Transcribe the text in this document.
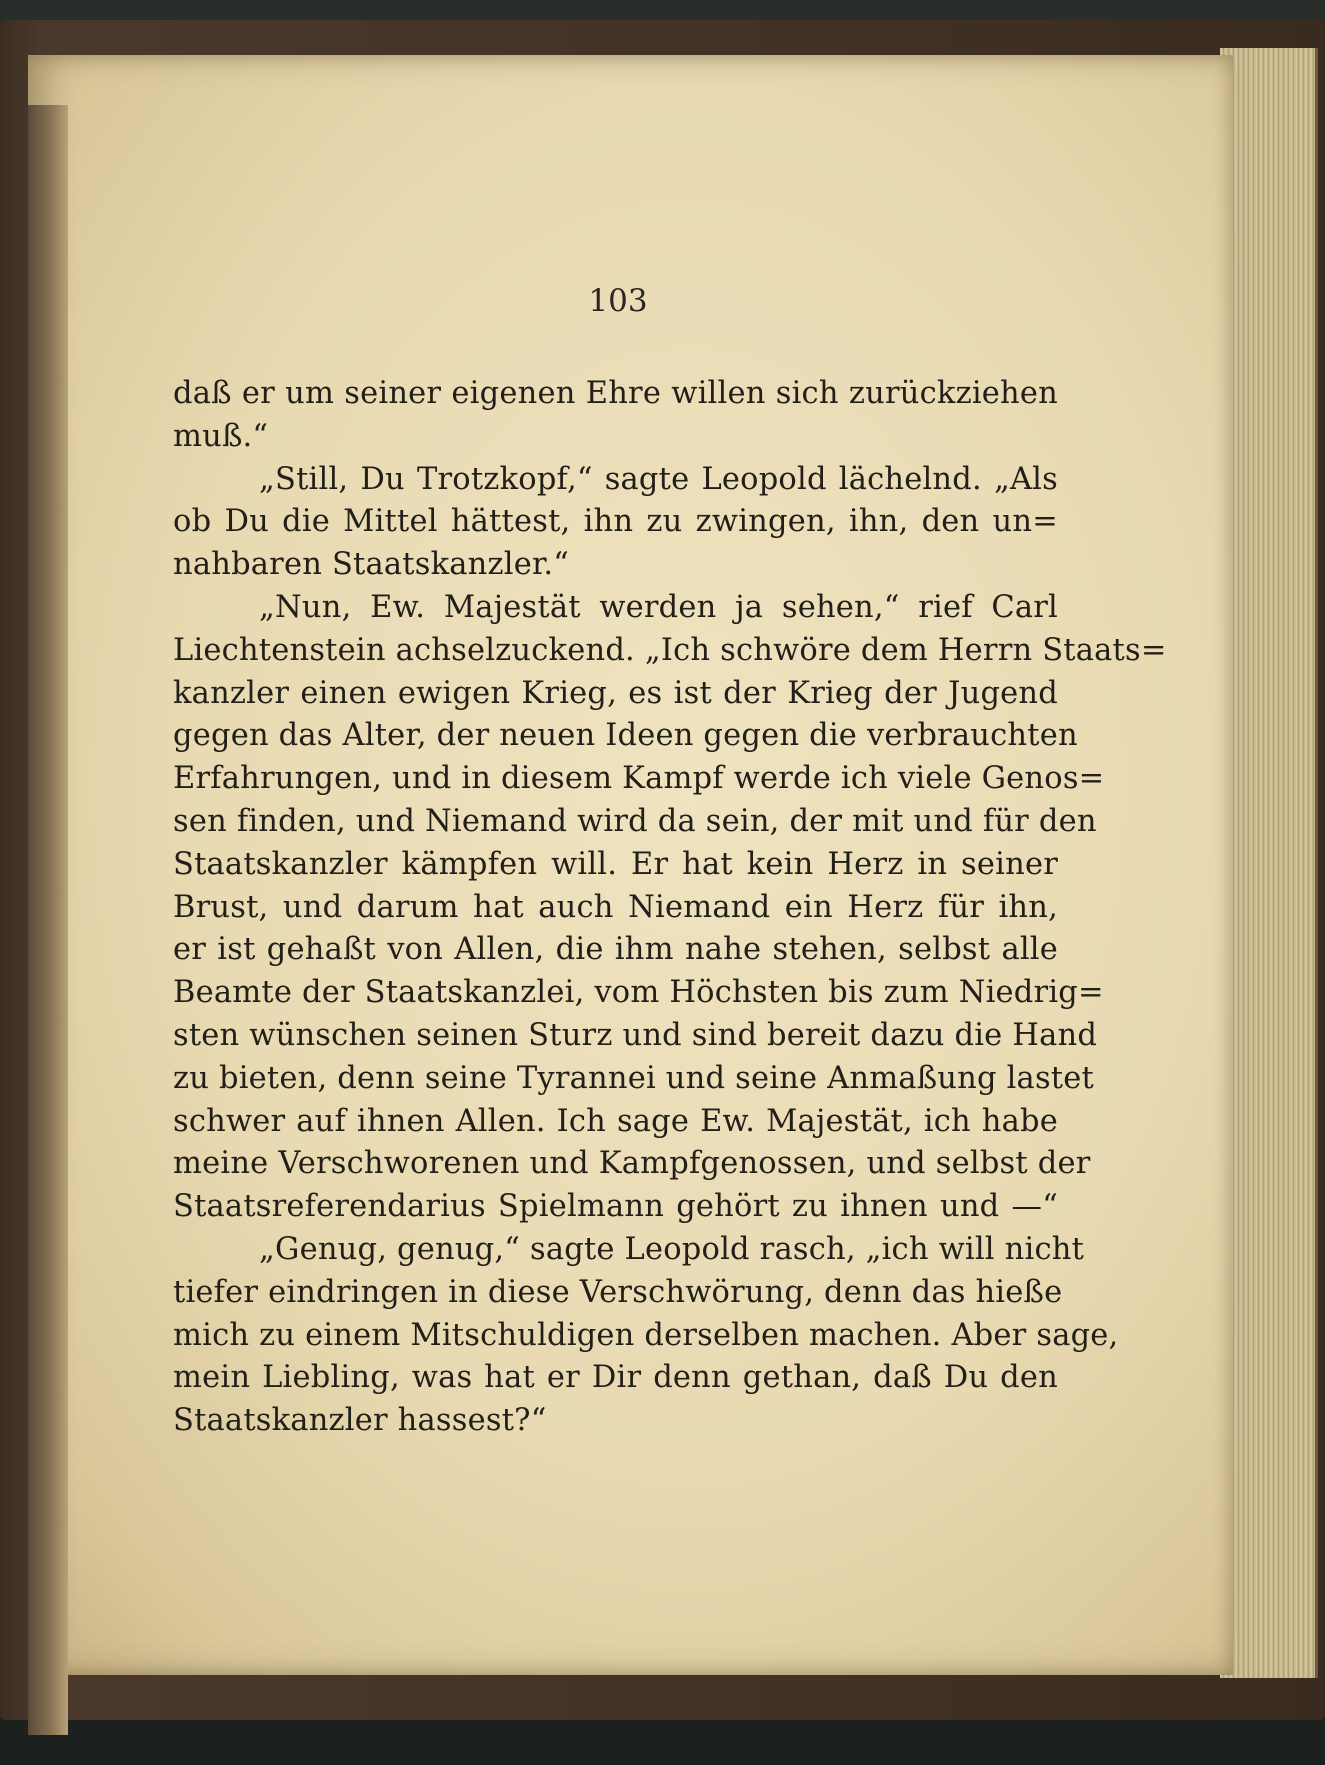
103
daß er um seiner eigenen Ehre willen sich zurückziehen
muß.“
„Still, Du Trotzkopf,“ sagte Leopold lächelnd. „Als
ob Du die Mittel hättest, ihn zu zwingen, ihn, den un=
nahbaren Staatskanzler.“
„Nun, Ew. Majestät werden ja sehen,“ rief Carl
Liechtenstein achselzuckend. „Ich schwöre dem Herrn Staats=
kanzler einen ewigen Krieg, es ist der Krieg der Jugend
gegen das Alter, der neuen Ideen gegen die verbrauchten
Erfahrungen, und in diesem Kampf werde ich viele Genos=
sen finden, und Niemand wird da sein, der mit und für den
Staatskanzler kämpfen will. Er hat kein Herz in seiner
Brust, und darum hat auch Niemand ein Herz für ihn,
er ist gehaßt von Allen, die ihm nahe stehen, selbst alle
Beamte der Staatskanzlei, vom Höchsten bis zum Niedrig=
sten wünschen seinen Sturz und sind bereit dazu die Hand
zu bieten, denn seine Tyrannei und seine Anmaßung lastet
schwer auf ihnen Allen. Ich sage Ew. Majestät, ich habe
meine Verschworenen und Kampfgenossen, und selbst der
Staatsreferendarius Spielmann gehört zu ihnen und —“
„Genug, genug,“ sagte Leopold rasch, „ich will nicht
tiefer eindringen in diese Verschwörung, denn das hieße
mich zu einem Mitschuldigen derselben machen. Aber sage,
mein Liebling, was hat er Dir denn gethan, daß Du den
Staatskanzler hassest?“
